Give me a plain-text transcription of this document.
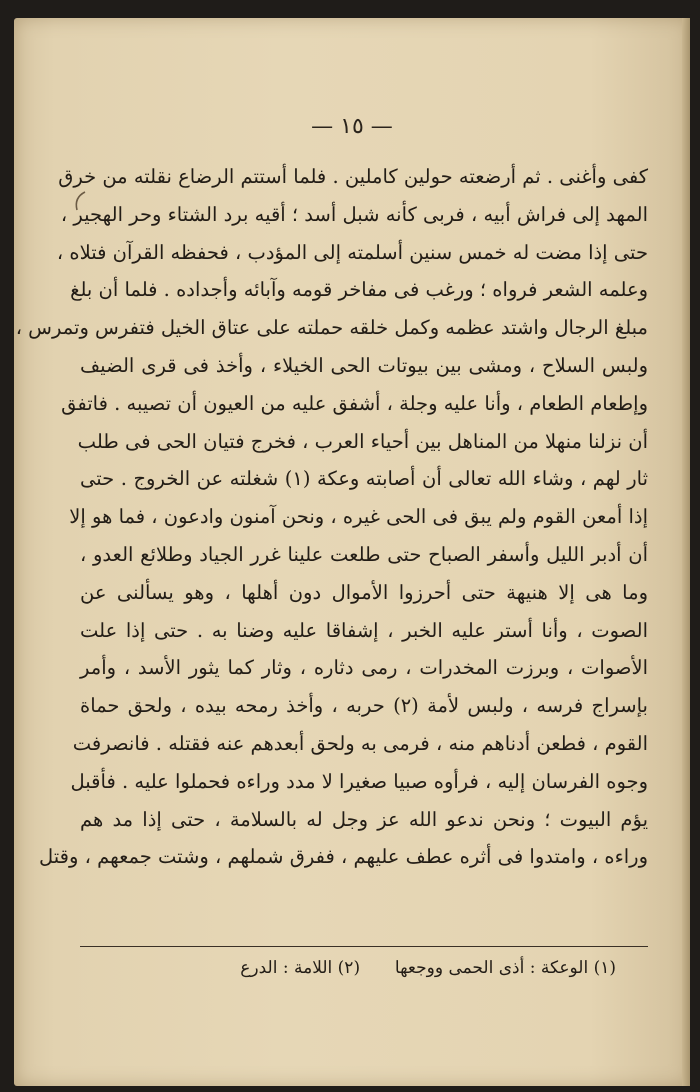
— ١٥ —
كفى وأغنى . ثم أرضعته حولين كاملين . فلما أستتم الرضاع نقلته من خرق
المهد إلى فراش أبيه ، فربى كأنه شبل أسد ؛ أقيه برد الشتاء وحر الهجير ،
حتى إذا مضت له خمس سنين أسلمته إلى المؤدب ، فحفظه القرآن فتلاه ،
وعلمه الشعر فرواه ؛ ورغب فى مفاخر قومه وآبائه وأجداده . فلما أن بلغ
مبلغ الرجال واشتد عظمه وكمل خلقه حملته على عتاق الخيل فتفرس وتمرس ،
ولبس السلاح ، ومشى بين بيوتات الحى الخيلاء ، وأخذ فى قرى الضيف
وإطعام الطعام ، وأنا عليه وجلة ، أشفق عليه من العيون أن تصيبه . فاتفق
أن نزلنا منهلا من المناهل بين أحياء العرب ، فخرج فتيان الحى فى طلب
ثار لهم ، وشاء الله تعالى أن أصابته وعكة (١) شغلته عن الخروج . حتى
إذا أمعن القوم ولم يبق فى الحى غيره ، ونحن آمنون وادعون ، فما هو إلا
أن أدبر الليل وأسفر الصباح حتى طلعت علينا غرر الجياد وطلائع العدو ،
وما هى إلا هنيهة حتى أحرزوا الأموال دون أهلها ، وهو يسألنى عن
الصوت ، وأنا أستر عليه الخبر ، إشفاقا عليه وضنا به . حتى إذا علت
الأصوات ، وبرزت المخدرات ، رمى دثاره ، وثار كما يثور الأسد ، وأمر
بإسراج فرسه ، ولبس لأمة (٢) حربه ، وأخذ رمحه بيده ، ولحق حماة
القوم ، فطعن أدناهم منه ، فرمى به ولحق أبعدهم عنه فقتله . فانصرفت
وجوه الفرسان إليه ، فرأوه صبيا صغيرا لا مدد وراءه فحملوا عليه . فأقبل
يؤم البيوت ؛ ونحن ندعو الله عز وجل له بالسلامة ، حتى إذا مد هم
وراءه ، وامتدوا فى أثره عطف عليهم ، ففرق شملهم ، وشتت جمعهم ، وقتل
(١) الوعكة : أذى الحمى ووجعها  (٢) اللامة : الدرع
